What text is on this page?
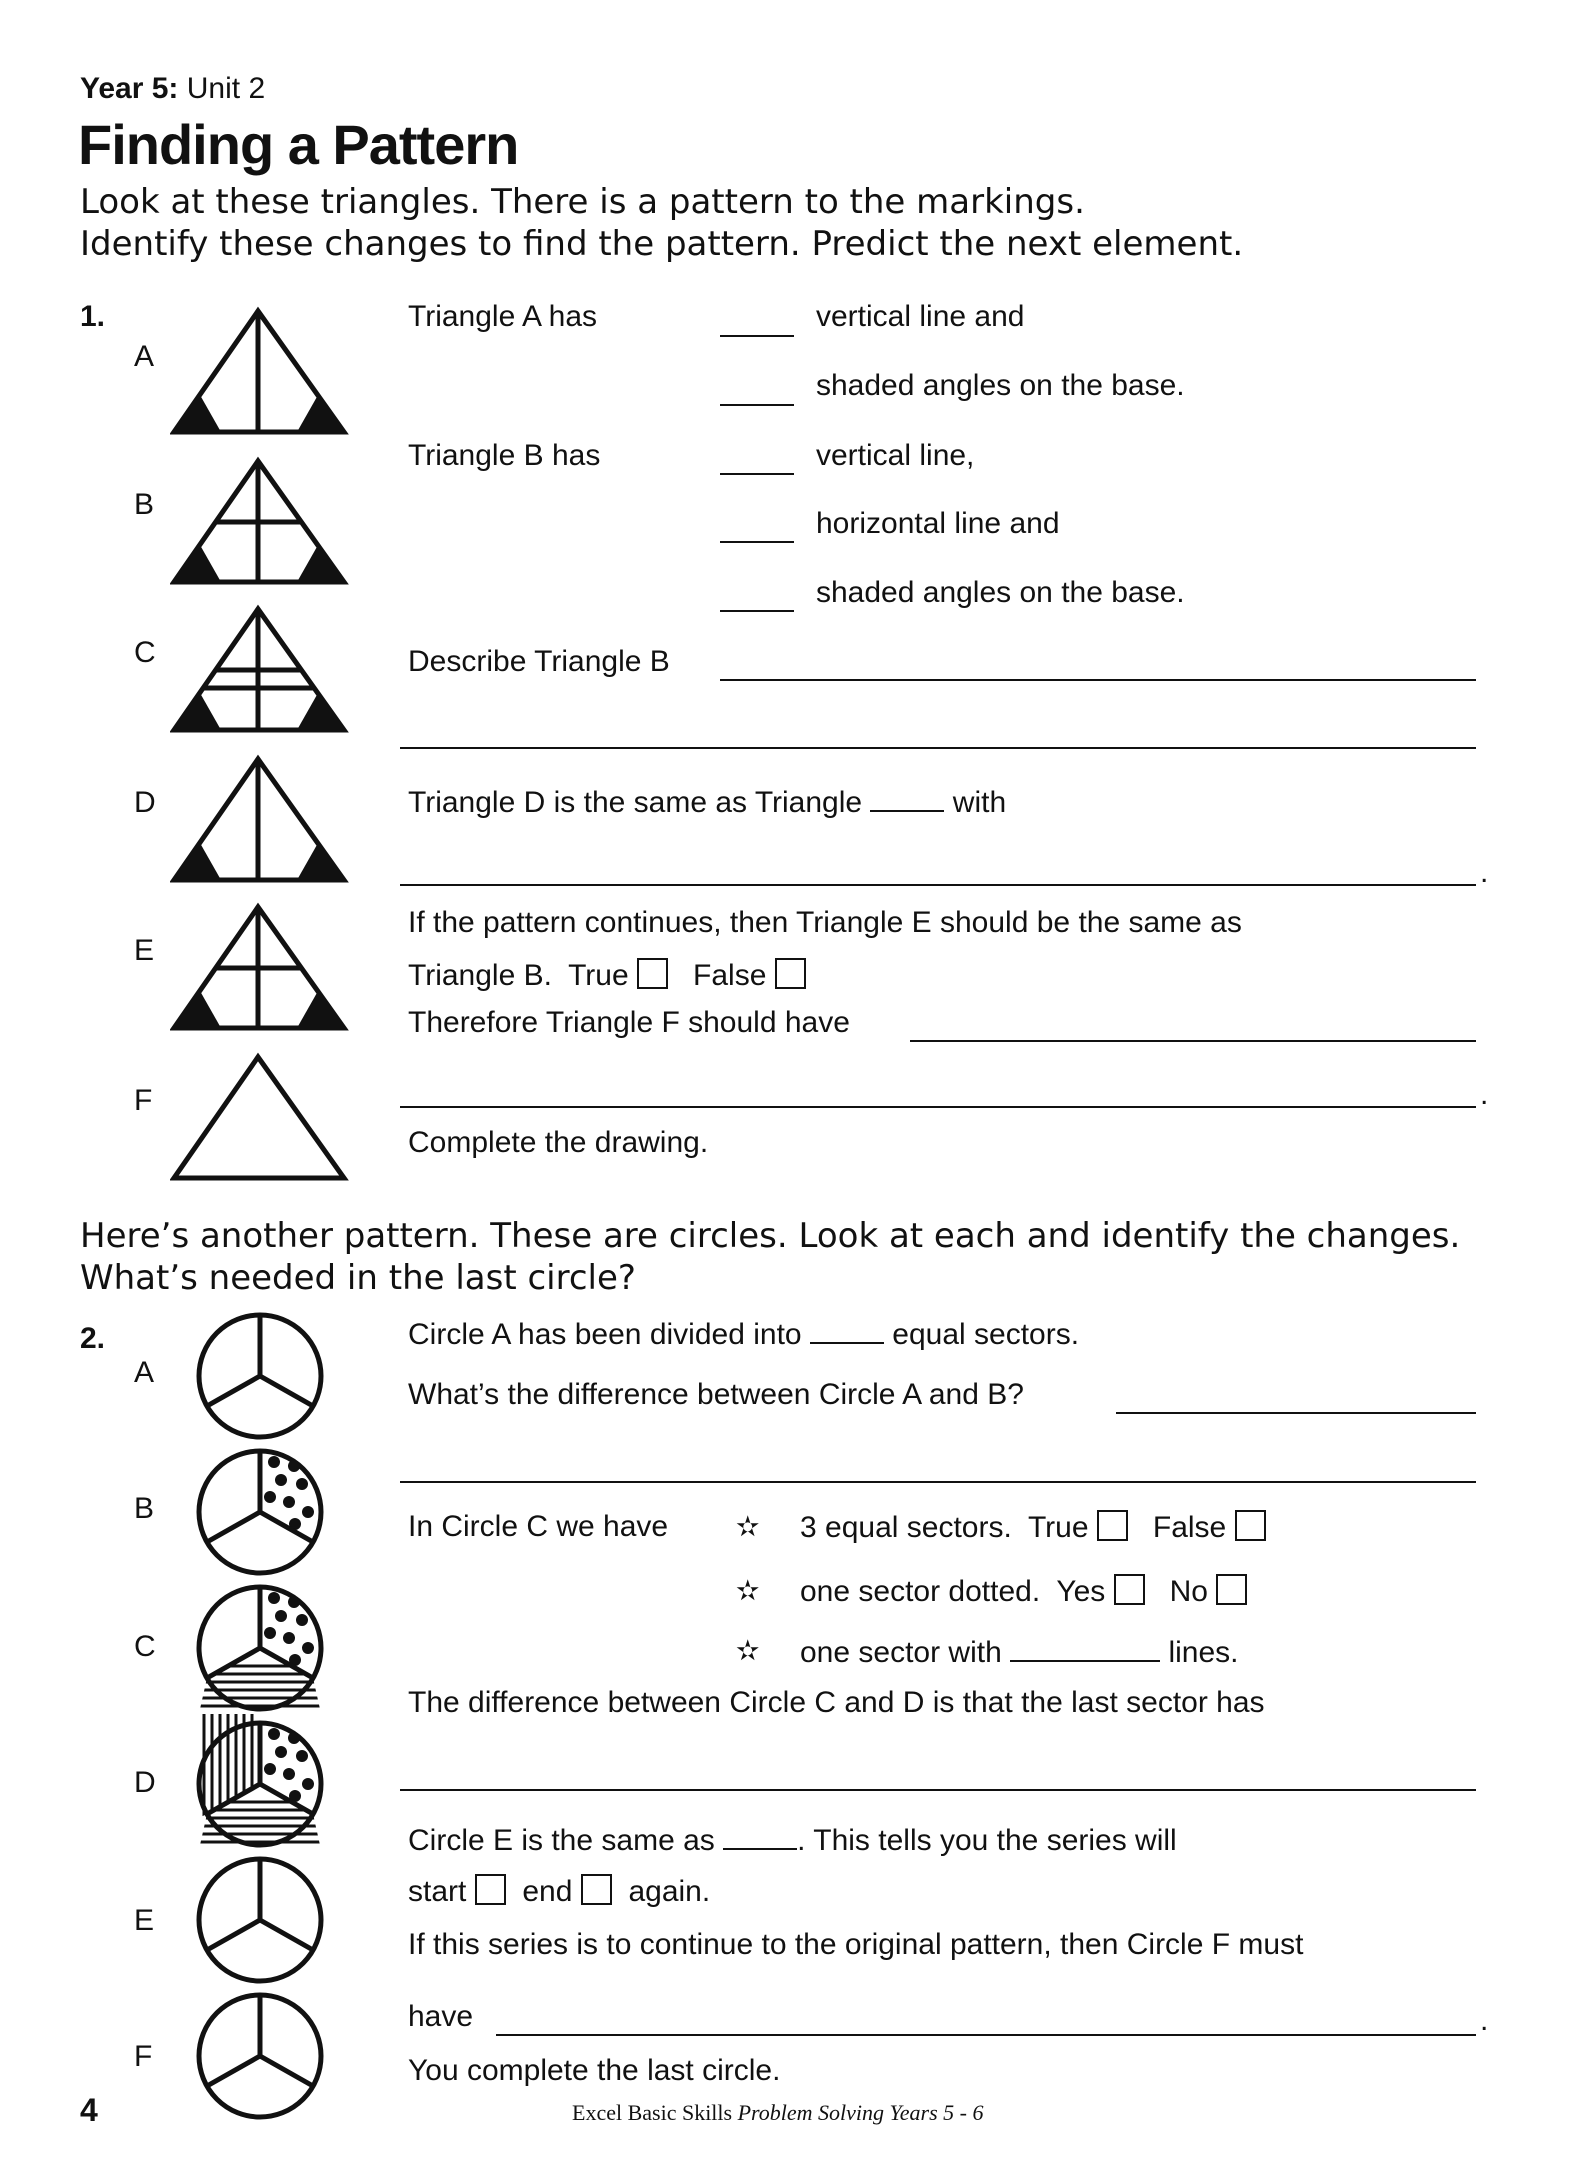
Year 5: Unit 2
Finding a Pattern
Look at these triangles. There is a pattern to the markings.
Identify these changes to find the pattern. Predict the next element.
1.
A
B
C
D
E
F
Triangle A has	vertical line and
shaded angles on the base.
Triangle B has	vertical line,
horizontal line and
shaded angles on the base.
Describe Triangle B
Triangle D is the same as Triangle	with
.
If the pattern continues, then Triangle E should be the same as
Triangle B. True False
Therefore Triangle F should have
.
Complete the drawing.
Here’s another pattern. These are circles. Look at each and identify the changes.
What’s needed in the last circle?
2.
A
B
C
D
E
F
Circle A has been divided into	equal sectors.
What’s the difference between Circle A and B?
In Circle C we have ✫ 3 equal sectors. True False
✫ one sector dotted. Yes No
✫ one sector with	lines.
The difference between Circle C and D is that the last sector has
Circle E is the same as	. This tells you the series will
start end again.
If this series is to continue to the original pattern, then Circle F must
have	.
You complete the last circle.
4	Excel Basic Skills Problem Solving Years 5 - 6
